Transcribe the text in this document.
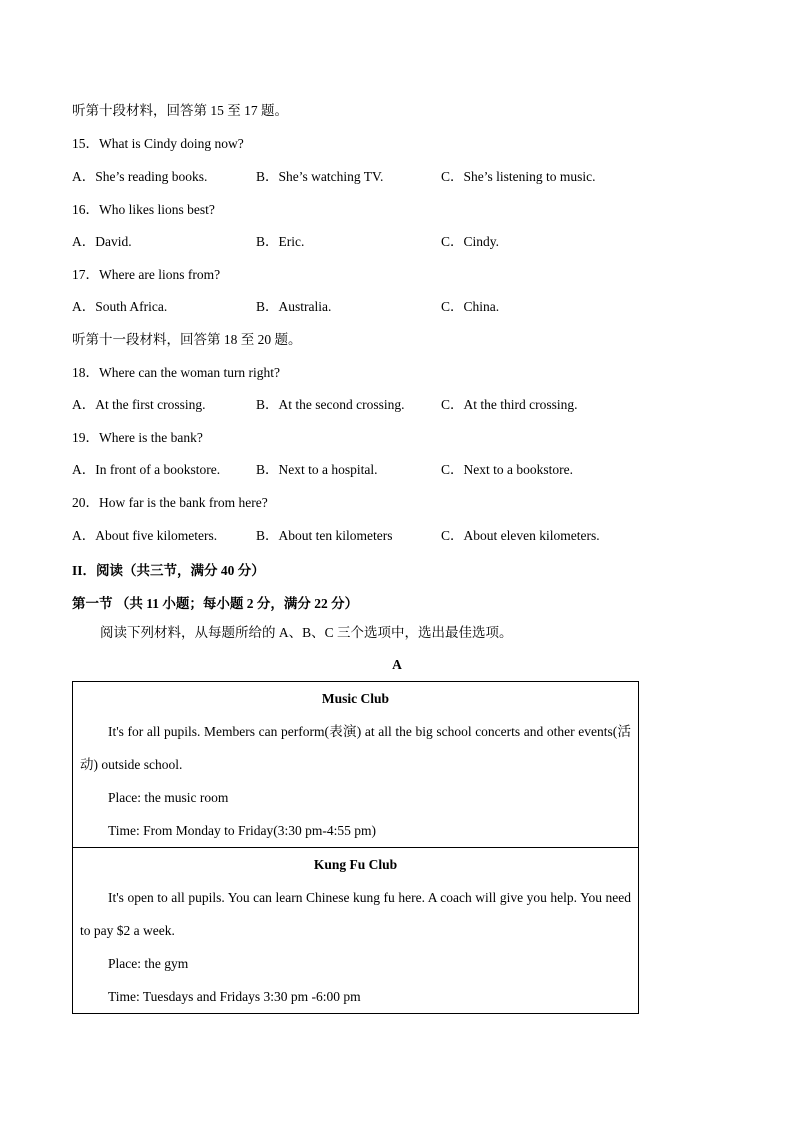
听第十段材料，回答第 15 至 17 题。
15．What is Cindy doing now?
A．She’s reading books.	B．She’s watching TV.	C．She’s listening to music.
16．Who likes lions best?
A．David.	B．Eric.	C．Cindy.
17．Where are lions from?
A．South Africa.	B．Australia.	C．China.
听第十一段材料，回答第 18 至 20 题。
18．Where can the woman turn right?
A．At the first crossing.	B．At the second crossing.	C．At the third crossing.
19．Where is the bank?
A．In front of a bookstore.	B．Next to a hospital.	C．Next to a bookstore.
20．How far is the bank from here?
A．About five kilometers.	B．About ten kilometers	C．About eleven kilometers.
II．阅读（共三节，满分 40 分）
第一节 （共 11 小题；每小题 2 分，满分 22 分）
阅读下列材料，从每题所给的 A、B、C 三个选项中，选出最佳选项。
A
Music Club

It's for all pupils. Members can perform(表演) at all the big school concerts and other events(活动) outside school.

Place: the music room
Time: From Monday to Friday(3:30 pm-4:55 pm)

Kung Fu Club

It's open to all pupils. You can learn Chinese kung fu here. A coach will give you help. You need to pay $2 a week.

Place: the gym
Time: Tuesdays and Fridays 3:30 pm -6:00 pm
